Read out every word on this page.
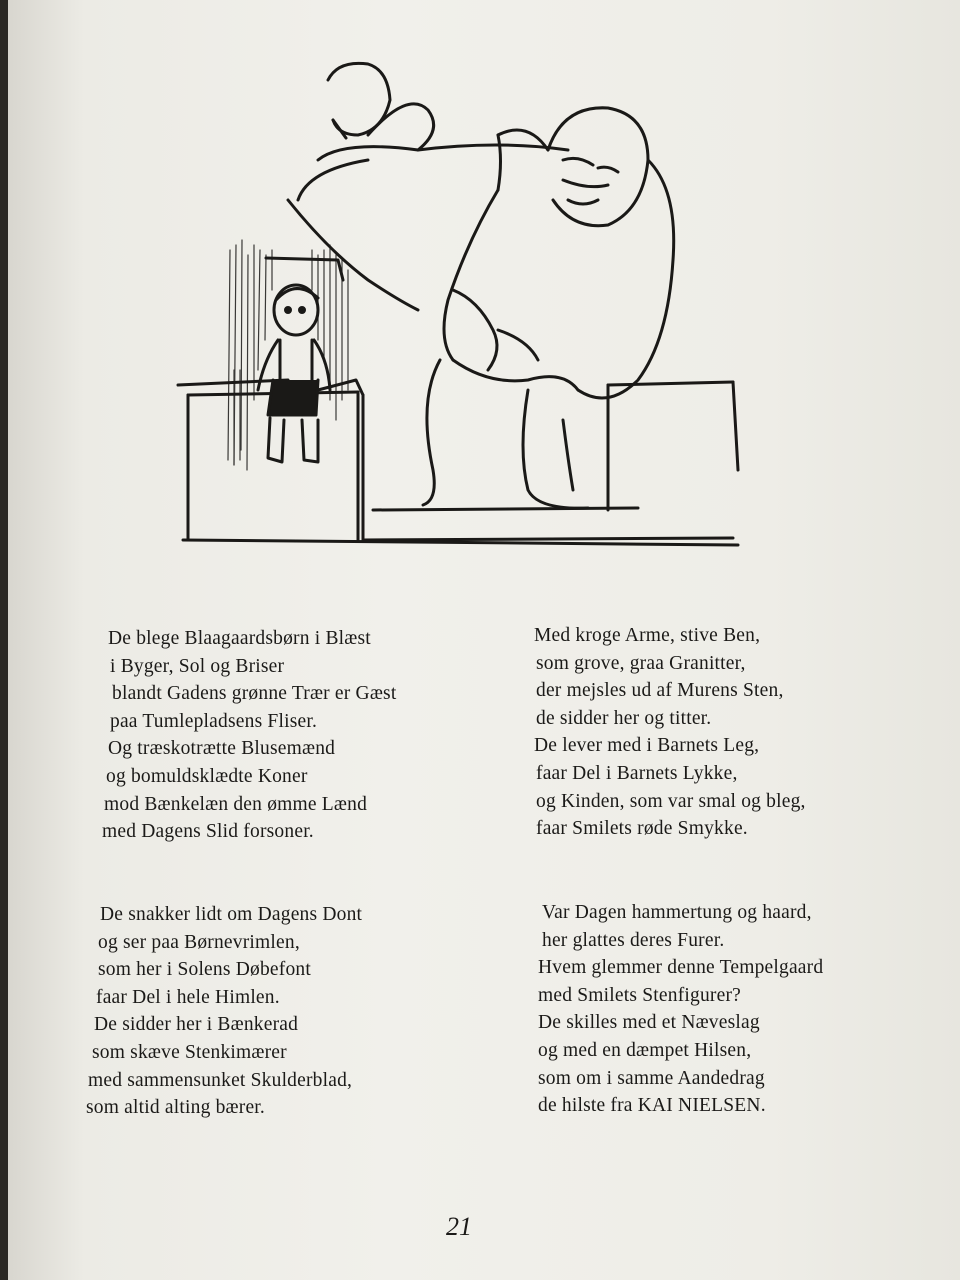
De blege Blaagaardsbørn i Blæst
i Byger, Sol og Briser
blandt Gadens grønne Trær er Gæst
paa Tumlepladsens Fliser.
Og træskotrætte Blusemænd
og bomuldsklædte Koner
mod Bænkelæn den ømme Lænd
med Dagens Slid forsoner.
Med kroge Arme, stive Ben,
som grove, graa Granitter,
der mejsles ud af Murens Sten,
de sidder her og titter.
De lever med i Barnets Leg,
faar Del i Barnets Lykke,
og Kinden, som var smal og bleg,
faar Smilets røde Smykke.
De snakker lidt om Dagens Dont
og ser paa Børnevrimlen,
som her i Solens Døbefont
faar Del i hele Himlen.
De sidder her i Bænkerad
som skæve Stenkimærer
med sammensunket Skulderblad,
som altid alting bærer.
Var Dagen hammertung og haard,
her glattes deres Furer.
Hvem glemmer denne Tempelgaard
med Smilets Stenfigurer?
De skilles med et Næveslag
og med en dæmpet Hilsen,
som om i samme Aandedrag
de hilste fra KAI NIELSEN.
21
